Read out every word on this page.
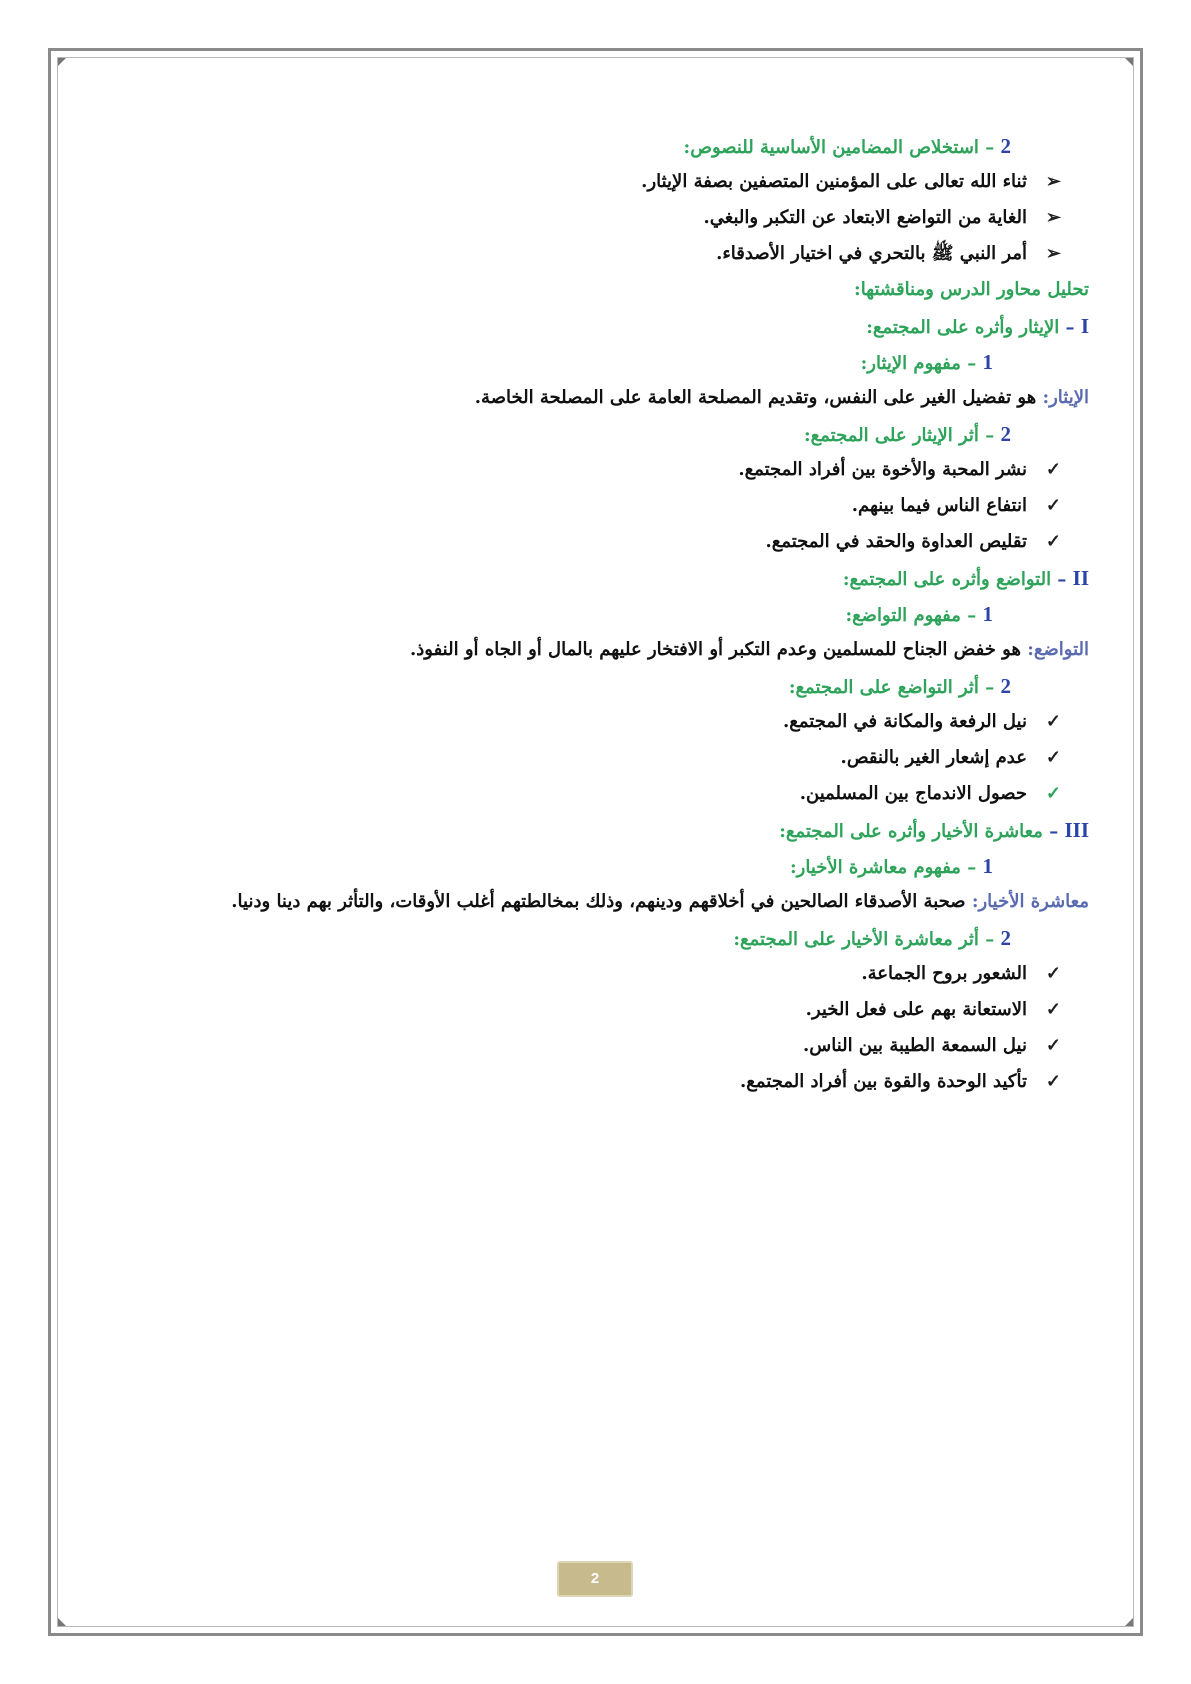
2 – استخلاص المضامين الأساسية للنصوص:
➢ثناء الله تعالى على المؤمنين المتصفين بصفة الإيثار.
➢الغاية من التواضع الابتعاد عن التكبر والبغي.
➢أمر النبي ﷺ بالتحري في اختيار الأصدقاء.
تحليل محاور الدرس ومناقشتها:
I – الإيثار وأثره على المجتمع:
1 – مفهوم الإيثار:
الإيثار: هو تفضيل الغير على النفس، وتقديم المصلحة العامة على المصلحة الخاصة.
2 – أثر الإيثار على المجتمع:
✓نشر المحبة والأخوة بين أفراد المجتمع.
✓انتفاع الناس فيما بينهم.
✓تقليص العداوة والحقد في المجتمع.
II – التواضع وأثره على المجتمع:
1 – مفهوم التواضع:
التواضع: هو خفض الجناح للمسلمين وعدم التكبر أو الافتخار عليهم بالمال أو الجاه أو النفوذ.
2 – أثر التواضع على المجتمع:
✓نيل الرفعة والمكانة في المجتمع.
✓عدم إشعار الغير بالنقص.
✓حصول الاندماج بين المسلمين.
III – معاشرة الأخيار وأثره على المجتمع:
1 – مفهوم معاشرة الأخيار:
معاشرة الأخيار: صحبة الأصدقاء الصالحين في أخلاقهم ودينهم، وذلك بمخالطتهم أغلب الأوقات، والتأثر بهم دينا ودنيا.
2 – أثر معاشرة الأخيار على المجتمع:
✓الشعور بروح الجماعة.
✓الاستعانة بهم على فعل الخير.
✓نيل السمعة الطيبة بين الناس.
✓تأكيد الوحدة والقوة بين أفراد المجتمع.
2
